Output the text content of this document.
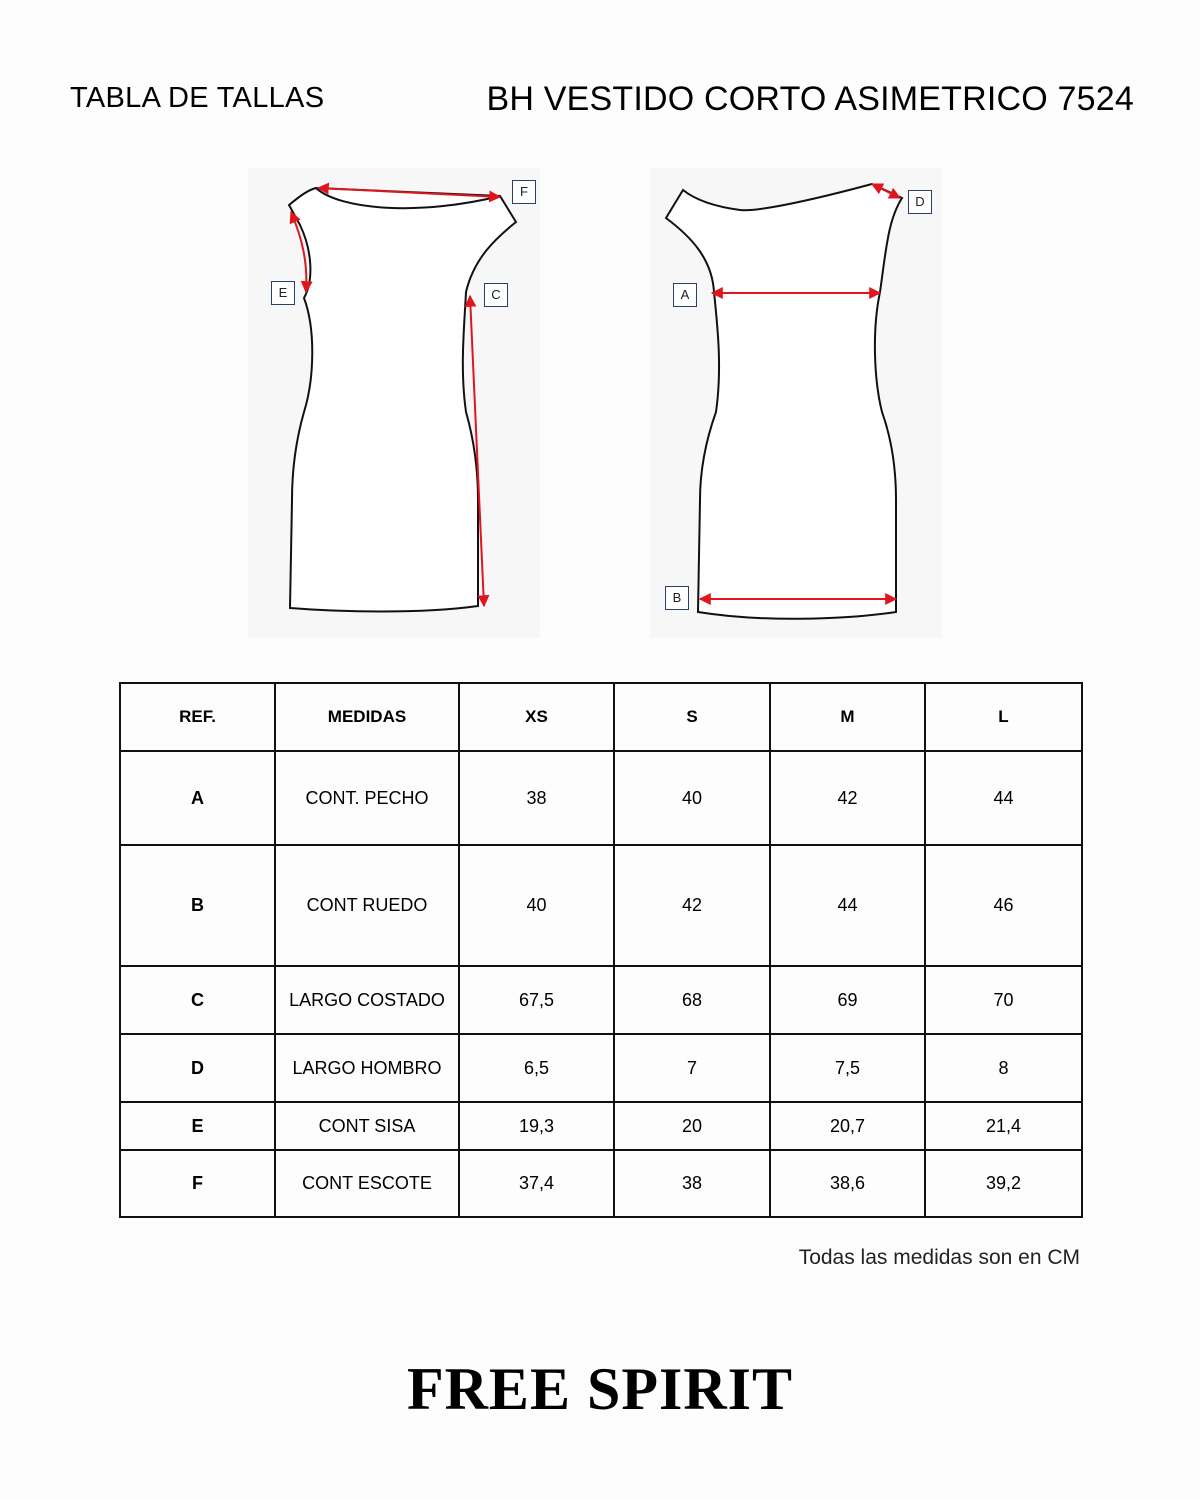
TABLA DE TALLAS	BH VESTIDO CORTO ASIMETRICO 7524
F
E	C
D
A
B
REF.	MEDIDAS	XS	S	M	L
A	CONT. PECHO	38	40	42	44
B	CONT RUEDO	40	42	44	46
C	LARGO COSTADO	67,5	68	69	70
D	LARGO HOMBRO	6,5	7	7,5	8
E	CONT SISA	19,3	20	20,7	21,4
F	CONT ESCOTE	37,4	38	38,6	39,2
Todas las medidas son en CM
FREE SPIRIT
